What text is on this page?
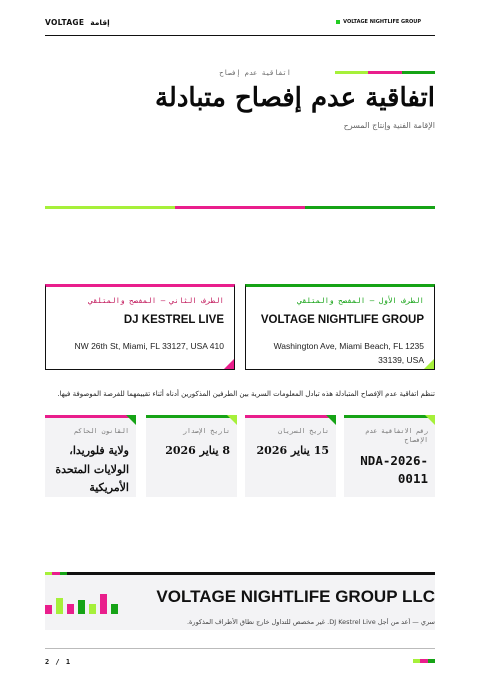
VOLTAGE إقامة	VOLTAGE NIGHTLIFE GROUP
اتفاقية عدم إفصاح
اتفاقية عدم إفصاح متبادلة
الإقامة الفنية وإنتاج المسرح
الطرف الثاني — المفصح والمتلقي
DJ KESTREL LIVE
NW 26th St, Miami, FL 33127, USA 410
الطرف الأول — المفصح والمتلقي
VOLTAGE NIGHTLIFE GROUP
Washington Ave, Miami Beach, FL 1235 33139, USA
تنظم اتفاقية عدم الإفصاح المتبادلة هذه تبادل المعلومات السرية بين الطرفين المذكورين أدناه أثناء تقييمهما للفرصة الموصوفة فيها.
رقم الاتفاقية عدم الإفصاح
NDA-2026-0011
تاريخ السريان
15 يناير 2026
تاريخ الإصدار
8 يناير 2026
القانون الحاكم
ولاية فلوريدا، الولايات المتحدة الأمريكية
VOLTAGE NIGHTLIFE GROUP LLC
سري — أعد من أجل DJ Kestrel Live. غير مخصص للتداول خارج نطاق الأطراف المذكورة.
2 / 1
